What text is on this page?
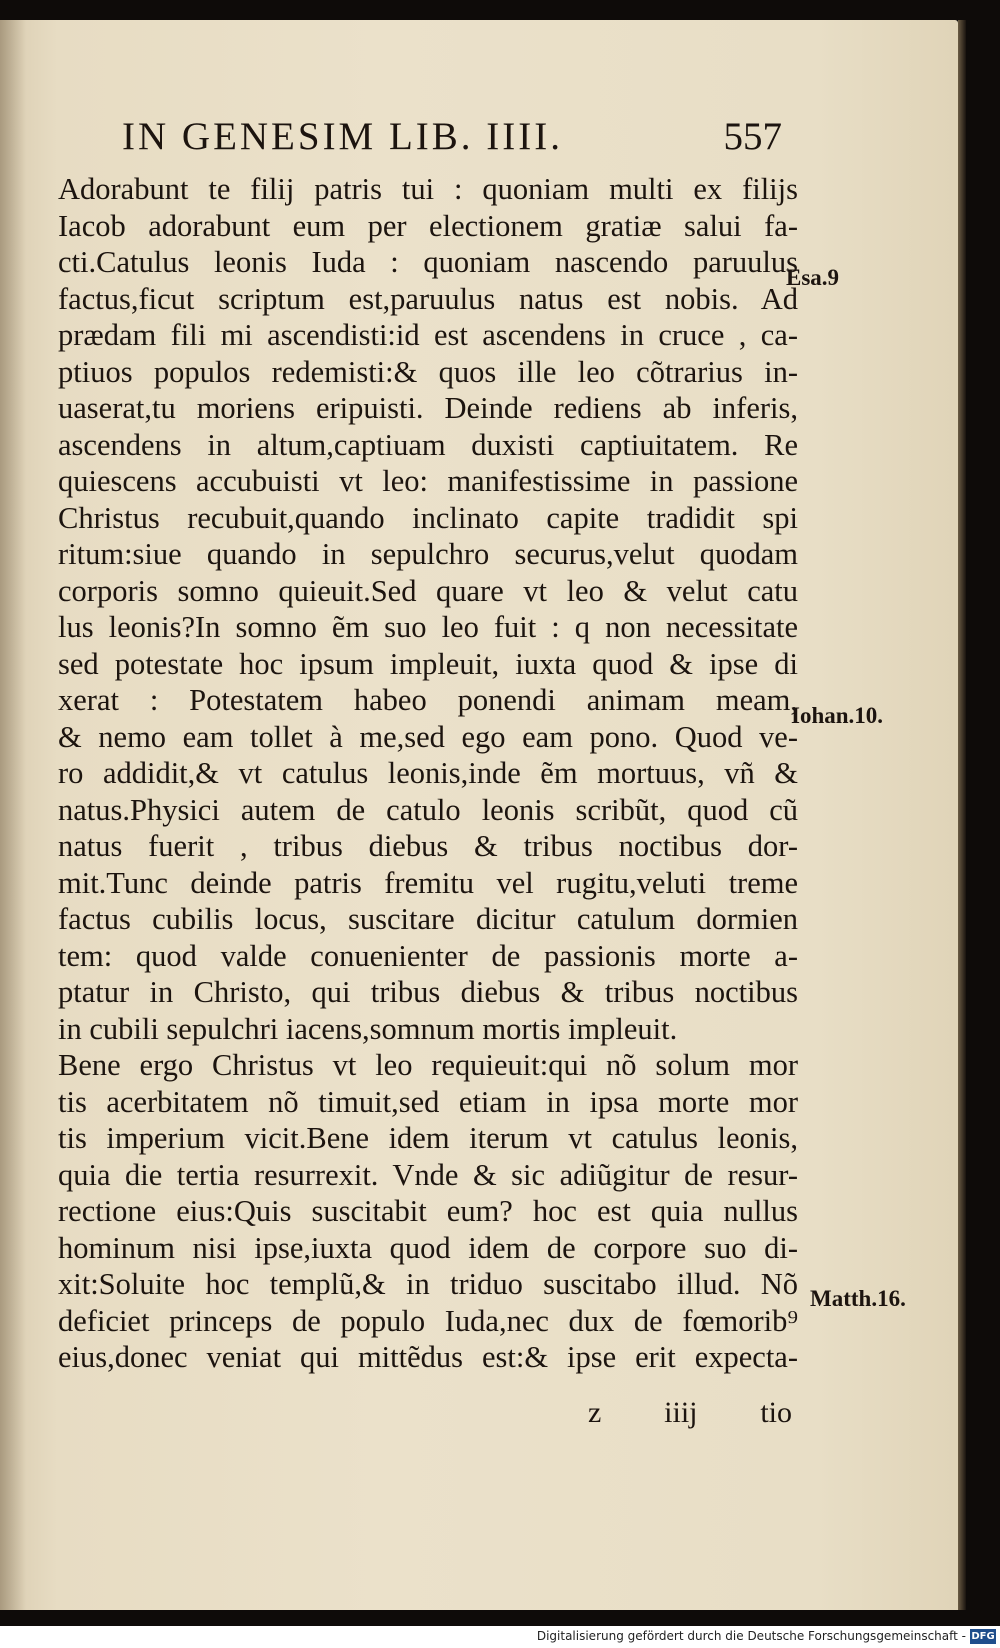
IN GENESIM LIB. IIII.	557
Adorabunt te filij patris tui : quoniam multi ex filijs
Iacob adorabunt eum per electionem gratiæ salui fa-
cti.Catulus leonis Iuda : quoniam nascendo paruulus
factus,ficut scriptum est,paruulus natus est nobis. Ad
prædam fili mi ascendisti:id est ascendens in cruce , ca-
ptiuos populos redemisti:& quos ille leo cõtrarius in-
uaserat,tu moriens eripuisti. Deinde rediens ab inferis,
ascendens in altum,captiuam duxisti captiuitatem. Re
quiescens accubuisti vt leo: manifestissime in passione
Christus recubuit,quando inclinato capite tradidit spi
ritum:siue quando in sepulchro securus,velut quodam
corporis somno quieuit.Sed quare vt leo & velut catu
lus leonis?In somno ẽm suo leo fuit : q non necessitate
sed potestate hoc ipsum impleuit, iuxta quod & ipse di
xerat : Potestatem habeo ponendi animam meam,
& nemo eam tollet à me,sed ego eam pono. Quod ve-
ro addidit,& vt catulus leonis,inde ẽm mortuus, vñ &
natus.Physici autem de catulo leonis scribũt, quod cũ
natus fuerit , tribus diebus & tribus noctibus dor-
mit.Tunc deinde patris fremitu vel rugitu,veluti treme
factus cubilis locus, suscitare dicitur catulum dormien
tem: quod valde conuenienter de passionis morte a-
ptatur in Christo, qui tribus diebus & tribus noctibus
in cubili sepulchri iacens,somnum mortis impleuit.
Bene ergo Christus vt leo requieuit:qui nõ solum mor
tis acerbitatem nõ timuit,sed etiam in ipsa morte mor
tis imperium vicit.Bene idem iterum vt catulus leonis,
quia die tertia resurrexit. Vnde & sic adiũgitur de resur-
rectione eius:Quis suscitabit eum? hoc est quia nullus
hominum nisi ipse,iuxta quod idem de corpore suo di-
xit:Soluite hoc templũ,& in triduo suscitabo illud. Nõ
deficiet princeps de populo Iuda,nec dux de fœmorib⁹
eius,donec veniat qui mittẽdus est:& ipse erit expecta-
Esa.9
Iohan.10.
Matth.16.
z iiij tio
Digitalisierung gefördert durch die Deutsche Forschungsgemeinschaft - DFG
